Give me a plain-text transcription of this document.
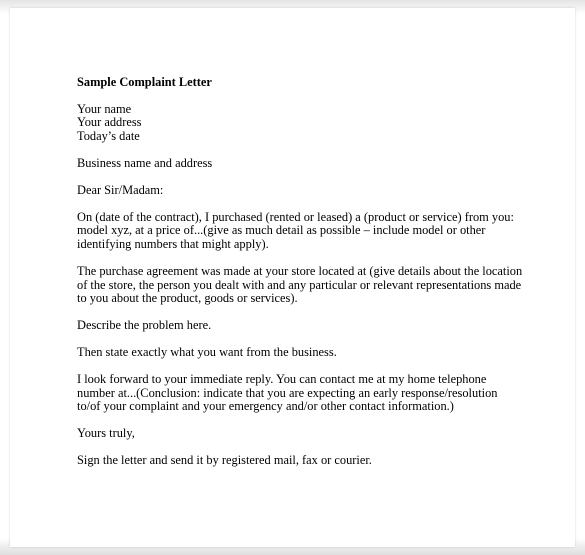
Sample Complaint Letter

Your name
Your address
Today’s date

Business name and address

Dear Sir/Madam:

On (date of the contract), I purchased (rented or leased) a (product or service) from you:
model xyz, at a price of...(give as much detail as possible – include model or other
identifying numbers that might apply).

The purchase agreement was made at your store located at (give details about the location
of the store, the person you dealt with and any particular or relevant representations made
to you about the product, goods or services).

Describe the problem here.

Then state exactly what you want from the business.

I look forward to your immediate reply. You can contact me at my home telephone
number at...(Conclusion: indicate that you are expecting an early response/resolution
to/of your complaint and your emergency and/or other contact information.)

Yours truly,

Sign the letter and send it by registered mail, fax or courier.
